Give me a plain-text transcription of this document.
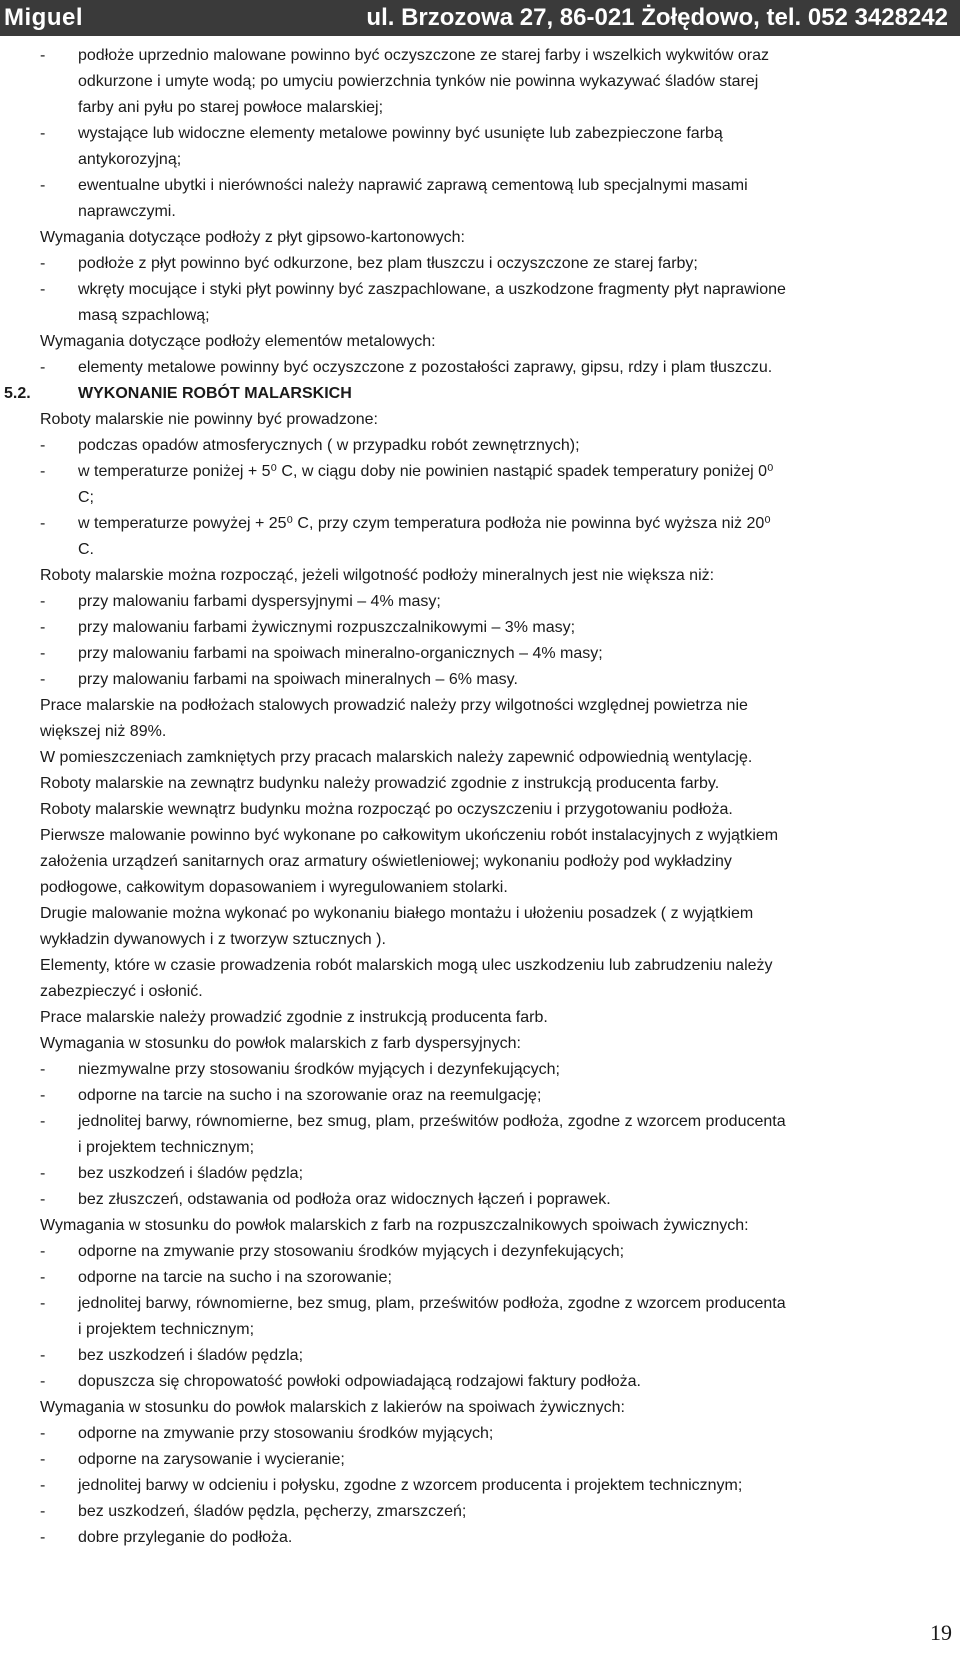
Miguel	ul. Brzozowa 27, 86-021 Żołędowo, tel. 052 3428242
- podłoże uprzednio malowane powinno być oczyszczone ze starej farby i wszelkich wykwitów oraz
odkurzone i umyte wodą; po umyciu powierzchnia tynków nie powinna wykazywać śladów starej
farby ani pyłu po starej powłoce malarskiej;
- wystające lub widoczne elementy metalowe powinny być usunięte lub zabezpieczone farbą
antykorozyjną;
- ewentualne ubytki i nierówności należy naprawić zaprawą cementową lub specjalnymi masami
naprawczymi.
Wymagania dotyczące podłoży z płyt gipsowo-kartonowych:
- podłoże z płyt powinno być odkurzone, bez plam tłuszczu i oczyszczone ze starej farby;
- wkręty mocujące i styki płyt powinny być zaszpachlowane, a uszkodzone fragmenty płyt naprawione
masą szpachlową;
Wymagania dotyczące podłoży elementów metalowych:
- elementy metalowe powinny być oczyszczone z pozostałości zaprawy, gipsu, rdzy i plam tłuszczu.
5.2.	WYKONANIE ROBÓT MALARSKICH
Roboty malarskie nie powinny być prowadzone:
- podczas opadów atmosferycznych ( w przypadku robót zewnętrznych);
- w temperaturze poniżej + 5⁰ C, w ciągu doby nie powinien nastąpić spadek temperatury poniżej 0⁰
C;
- w temperaturze powyżej + 25⁰ C, przy czym temperatura podłoża nie powinna być wyższa niż 20⁰
C.
Roboty malarskie można rozpocząć, jeżeli wilgotność podłoży mineralnych jest nie większa niż:
- przy malowaniu farbami dyspersyjnymi – 4% masy;
- przy malowaniu farbami żywicznymi rozpuszczalnikowymi – 3% masy;
- przy malowaniu farbami na spoiwach mineralno-organicznych – 4% masy;
- przy malowaniu farbami na spoiwach mineralnych – 6% masy.
Prace malarskie na podłożach stalowych prowadzić należy przy wilgotności względnej powietrza nie
większej niż 89%.
W pomieszczeniach zamkniętych przy pracach malarskich należy zapewnić odpowiednią wentylację.
Roboty malarskie na zewnątrz budynku należy prowadzić zgodnie z instrukcją producenta farby.
Roboty malarskie wewnątrz budynku można rozpocząć po oczyszczeniu i przygotowaniu podłoża.
Pierwsze malowanie powinno być wykonane po całkowitym ukończeniu robót instalacyjnych z wyjątkiem
założenia urządzeń sanitarnych oraz armatury oświetleniowej; wykonaniu podłoży pod wykładziny
podłogowe, całkowitym dopasowaniem i wyregulowaniem stolarki.
Drugie malowanie można wykonać po wykonaniu białego montażu i ułożeniu posadzek ( z wyjątkiem
wykładzin dywanowych i z tworzyw sztucznych ).
Elementy, które w czasie prowadzenia robót malarskich mogą ulec uszkodzeniu lub zabrudzeniu należy
zabezpieczyć i osłonić.
Prace malarskie należy prowadzić zgodnie z instrukcją producenta farb.
Wymagania w stosunku do powłok malarskich z farb dyspersyjnych:
- niezmywalne przy stosowaniu środków myjących i dezynfekujących;
- odporne na tarcie na sucho i na szorowanie oraz na reemulgację;
- jednolitej barwy, równomierne, bez smug, plam, prześwitów podłoża, zgodne z wzorcem producenta
i projektem technicznym;
- bez uszkodzeń i śladów pędzla;
- bez złuszczeń, odstawania od podłoża oraz widocznych łączeń i poprawek.
Wymagania w stosunku do powłok malarskich z farb na rozpuszczalnikowych spoiwach żywicznych:
- odporne na zmywanie przy stosowaniu środków myjących i dezynfekujących;
- odporne na tarcie na sucho i na szorowanie;
- jednolitej barwy, równomierne, bez smug, plam, prześwitów podłoża, zgodne z wzorcem producenta
i projektem technicznym;
- bez uszkodzeń i śladów pędzla;
- dopuszcza się chropowatość powłoki odpowiadającą rodzajowi faktury podłoża.
Wymagania w stosunku do powłok malarskich z lakierów na spoiwach żywicznych:
- odporne na zmywanie przy stosowaniu środków myjących;
- odporne na zarysowanie i wycieranie;
- jednolitej barwy w odcieniu i połysku, zgodne z wzorcem producenta i projektem technicznym;
- bez uszkodzeń, śladów pędzla, pęcherzy, zmarszczeń;
- dobre przyleganie do podłoża.
19
